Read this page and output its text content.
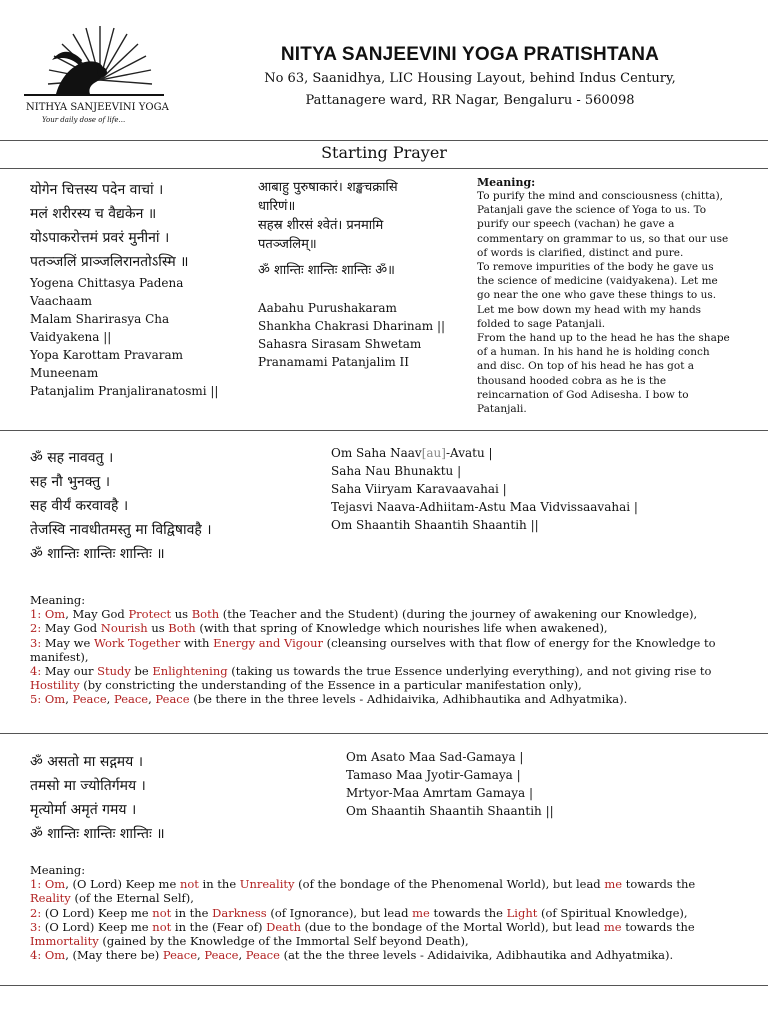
NITHYA SANJEEVINI YOGA
Your daily dose of life...
NITYA SANJEEVINI YOGA PRATISHTANA
No 63, Saanidhya, LIC Housing Layout, behind Indus Century,
Pattanagere ward, RR Nagar, Bengaluru - 560098
Starting Prayer
योगेन चित्तस्य पदेन वाचां ।
मलं शरीरस्य च वैद्यकेन ॥
योऽपाकरोत्तमं प्रवरं मुनीनां ।
पतञ्जलिं प्राञ्जलिरानतोऽस्मि ॥
Yogena Chittasya Padena
Vaachaam
Malam Sharirasya Cha
Vaidyakena ||
Yopa Karottam Pravaram
Muneenam
Patanjalim Pranjaliranatosmi ||
आबाहु पुरुषाकारं। शङ्खचक्रासि
धारिणं॥
सहस्र शीरसं श्वेतं। प्रनमामि
पतञ्जलिम्॥
ॐ शान्तिः शान्तिः शान्तिः ॐ॥
Aabahu Purushakaram
Shankha Chakrasi Dharinam ||
Sahasra Sirasam Shwetam
Pranamami Patanjalim II
Meaning:
To purify the mind and consciousness (chitta),
Patanjali gave the science of Yoga to us. To
purify our speech (vachan) he gave a
commentary on grammar to us, so that our use
of words is clarified, distinct and pure.
To remove impurities of the body he gave us
the science of medicine (vaidyakena). Let me
go near the one who gave these things to us.
Let me bow down my head with my hands
folded to sage Patanjali.
From the hand up to the head he has the shape
of a human. In his hand he is holding conch
and disc. On top of his head he has got a
thousand hooded cobra as he is the
reincarnation of God Adisesha. I bow to
Patanjali.
ॐ सह नाववतु ।
सह नौ भुनक्तु ।
सह वीर्यं करवावहै ।
तेजस्वि नावधीतमस्तु मा विद्विषावहै ।
ॐ शान्तिः शान्तिः शान्तिः ॥
Om Saha Naav[au]-Avatu |
Saha Nau Bhunaktu |
Saha Viiryam Karavaavahai |
Tejasvi Naava-Adhiitam-Astu Maa Vidvissaavahai |
Om Shaantih Shaantih Shaantih ||
Meaning:
1: Om, May God Protect us Both (the Teacher and the Student) (during the journey of awakening our Knowledge),
2: May God Nourish us Both (with that spring of Knowledge which nourishes life when awakened),
3: May we Work Together with Energy and Vigour (cleansing ourselves with that flow of energy for the Knowledge to
manifest),
4: May our Study be Enlightening (taking us towards the true Essence underlying everything), and not giving rise to
Hostility (by constricting the understanding of the Essence in a particular manifestation only),
5: Om, Peace, Peace, Peace (be there in the three levels - Adhidaivika, Adhibhautika and Adhyatmika).
ॐ असतो मा सद्गमय ।
तमसो मा ज्योतिर्गमय ।
मृत्योर्मा अमृतं गमय ।
ॐ शान्तिः शान्तिः शान्तिः ॥
Om Asato Maa Sad-Gamaya |
Tamaso Maa Jyotir-Gamaya |
Mrtyor-Maa Amrtam Gamaya |
Om Shaantih Shaantih Shaantih ||
Meaning:
1: Om, (O Lord) Keep me not in the Unreality (of the bondage of the Phenomenal World), but lead me towards the
Reality (of the Eternal Self),
2: (O Lord) Keep me not in the Darkness (of Ignorance), but lead me towards the Light (of Spiritual Knowledge),
3: (O Lord) Keep me not in the (Fear of) Death (due to the bondage of the Mortal World), but lead me towards the
Immortality (gained by the Knowledge of the Immortal Self beyond Death),
4: Om, (May there be) Peace, Peace, Peace (at the the three levels - Adidaivika, Adibhautika and Adhyatmika).
